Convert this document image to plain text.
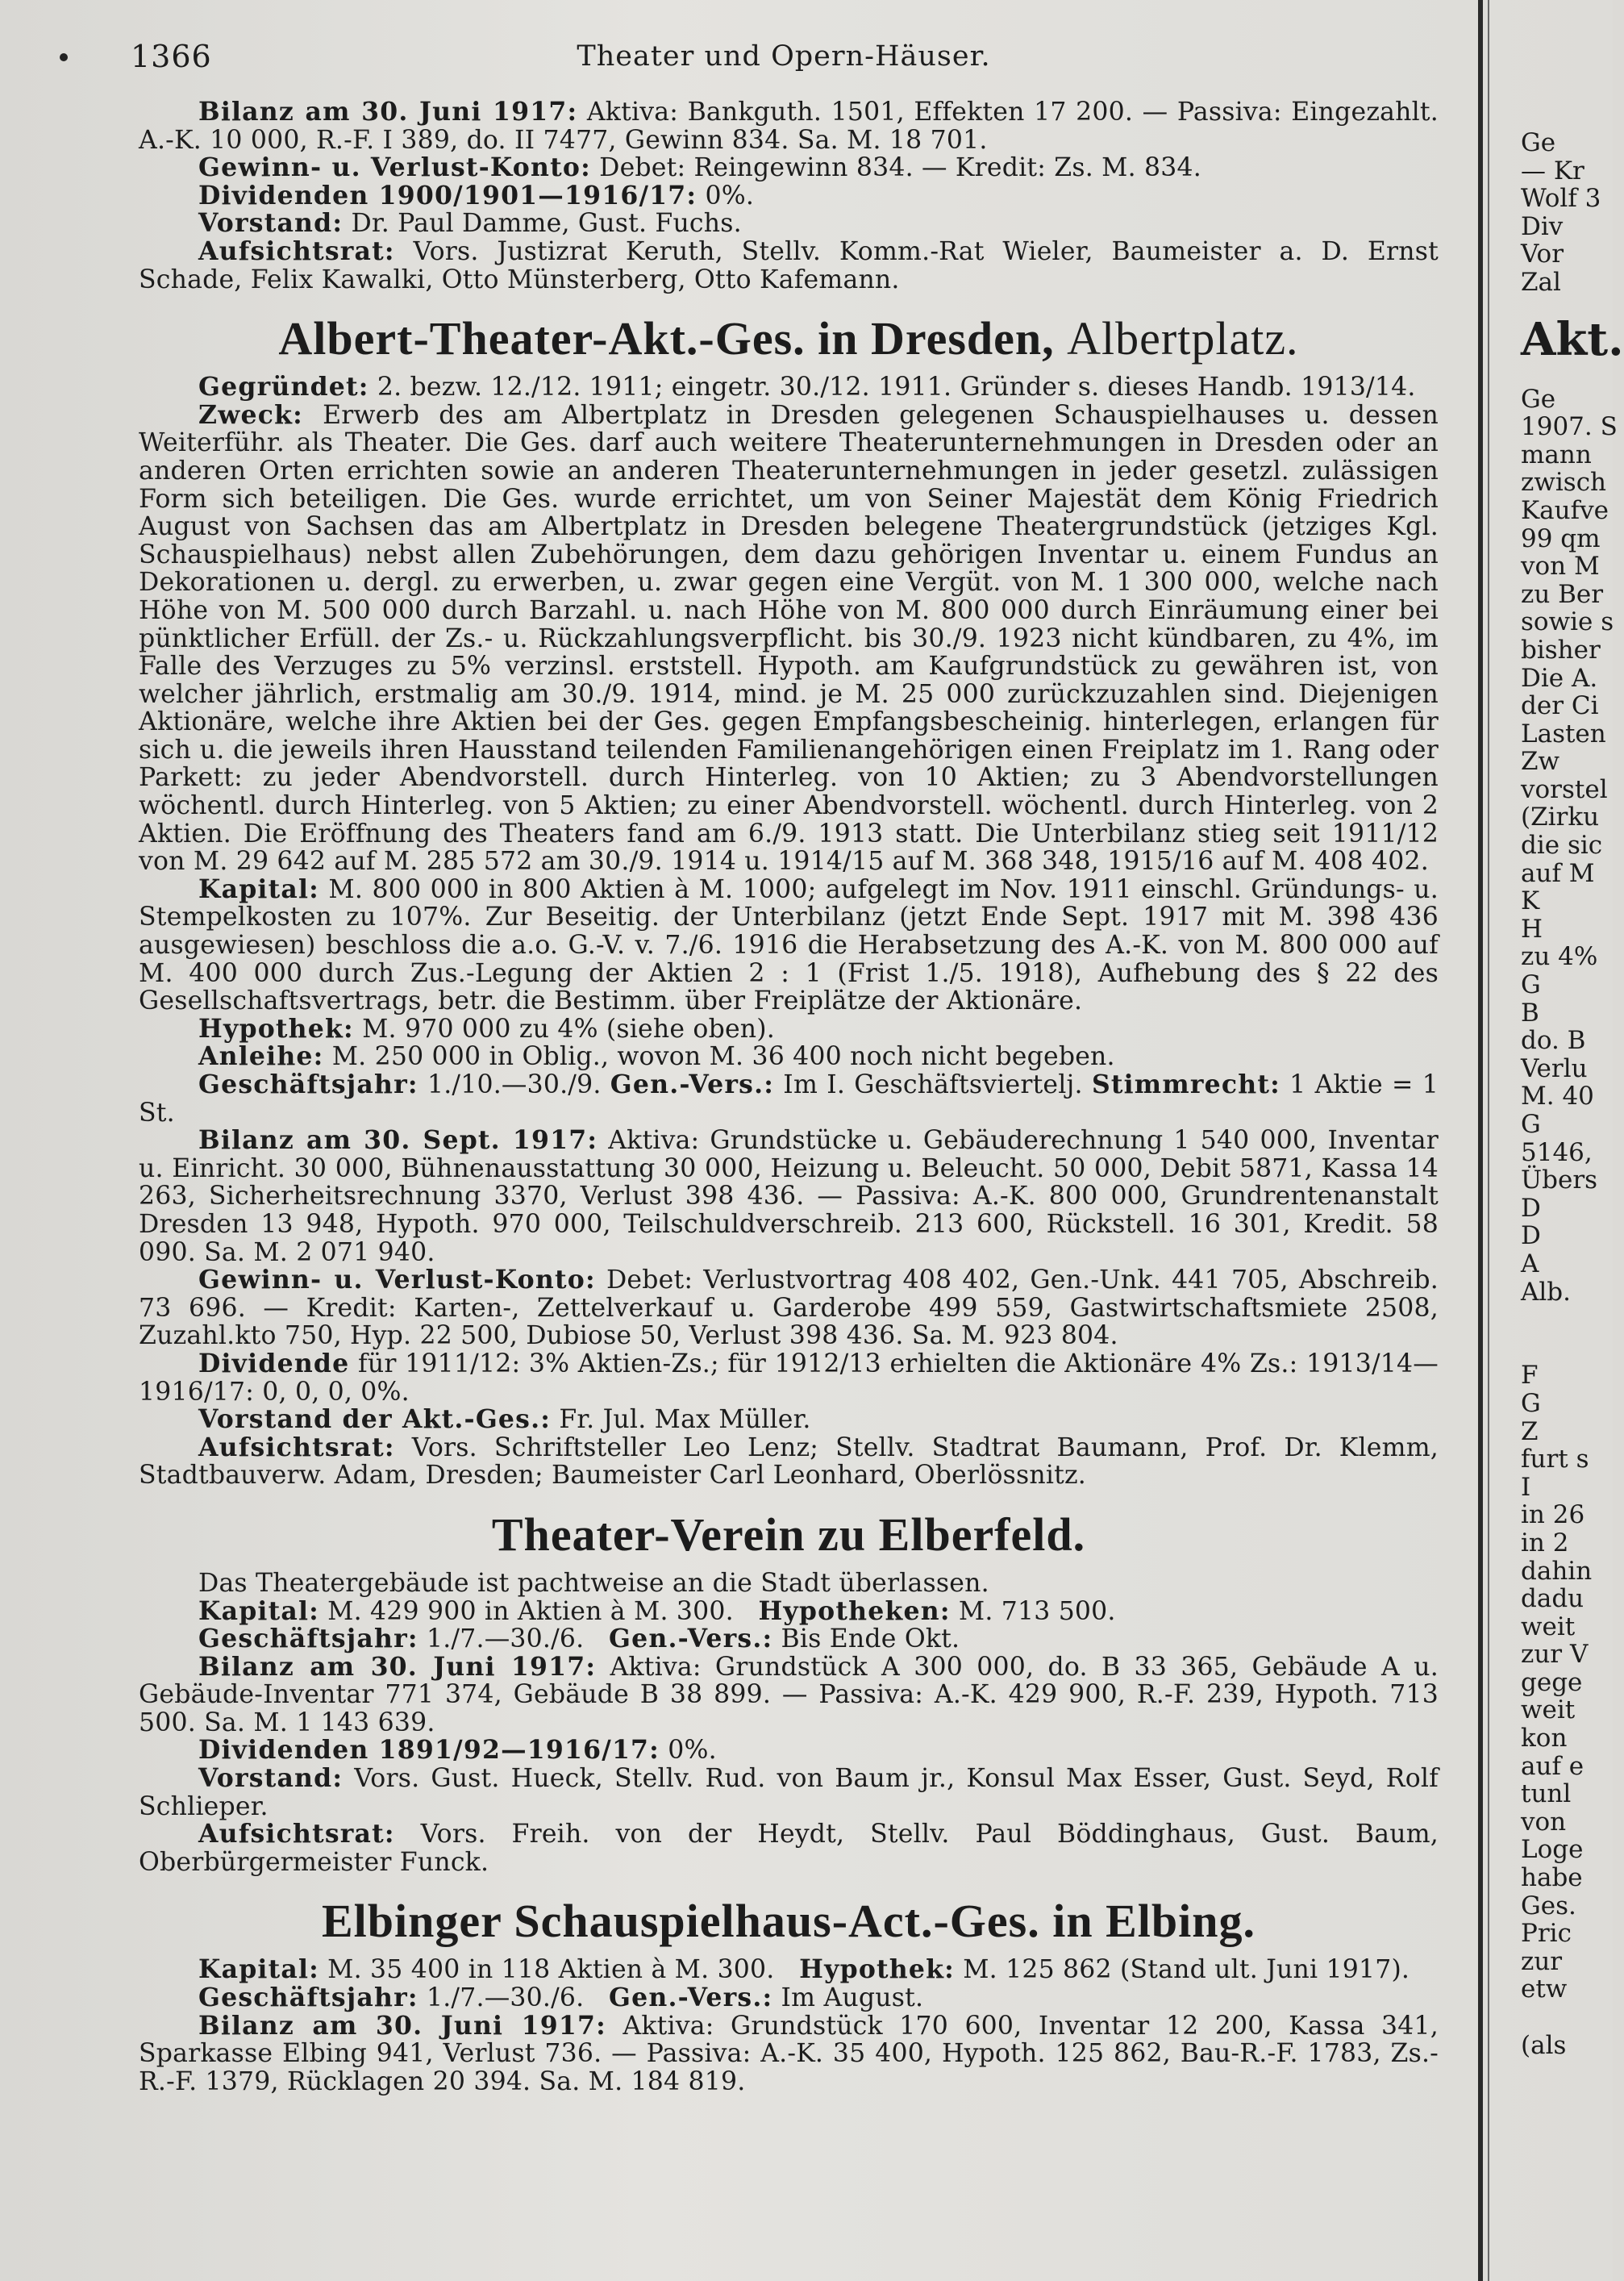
1366	Theater und Opern-Häuser.

Bilanz am 30. Juni 1917: Aktiva: Bankguth. 1501, Effekten 17 200. — Passiva: Eingezahlt. A.-K. 10 000, R.-F. I 389, do. II 7477, Gewinn 834. Sa. M. 18 701.

Gewinn- u. Verlust-Konto: Debet: Reingewinn 834. — Kredit: Zs. M. 834.

Dividenden 1900/1901—1916/17: 0%.

Vorstand: Dr. Paul Damme, Gust. Fuchs.

Aufsichtsrat: Vors. Justizrat Keruth, Stellv. Komm.-Rat Wieler, Baumeister a. D. Ernst Schade, Felix Kawalki, Otto Münsterberg, Otto Kafemann.

Albert-Theater-Akt.-Ges. in Dresden, Albertplatz.

Gegründet: 2. bezw. 12./12. 1911; eingetr. 30./12. 1911. Gründer s. dieses Handb. 1913/14.

Zweck: Erwerb des am Albertplatz in Dresden gelegenen Schauspielhauses u. dessen Weiterführ. als Theater. Die Ges. darf auch weitere Theaterunternehmungen in Dresden oder an anderen Orten errichten sowie an anderen Theaterunternehmungen in jeder gesetzl. zulässigen Form sich beteiligen. Die Ges. wurde errichtet, um von Seiner Majestät dem König Friedrich August von Sachsen das am Albertplatz in Dresden belegene Theatergrundstück (jetziges Kgl. Schauspielhaus) nebst allen Zubehörungen, dem dazu gehörigen Inventar u. einem Fundus an Dekorationen u. dergl. zu erwerben, u. zwar gegen eine Vergüt. von M. 1 300 000, welche nach Höhe von M. 500 000 durch Barzahl. u. nach Höhe von M. 800 000 durch Einräumung einer bei pünktlicher Erfüll. der Zs.- u. Rückzahlungsverpflicht. bis 30./9. 1923 nicht kündbaren, zu 4%, im Falle des Verzuges zu 5% verzinsl. erststell. Hypoth. am Kaufgrundstück zu gewähren ist, von welcher jährlich, erstmalig am 30./9. 1914, mind. je M. 25 000 zurückzuzahlen sind. Diejenigen Aktionäre, welche ihre Aktien bei der Ges. gegen Empfangsbescheinig. hinterlegen, erlangen für sich u. die jeweils ihren Hausstand teilenden Familienangehörigen einen Freiplatz im 1. Rang oder Parkett: zu jeder Abendvorstell. durch Hinterleg. von 10 Aktien; zu 3 Abendvorstellungen wöchentl. durch Hinterleg. von 5 Aktien; zu einer Abendvorstell. wöchentl. durch Hinterleg. von 2 Aktien. Die Eröffnung des Theaters fand am 6./9. 1913 statt. Die Unterbilanz stieg seit 1911/12 von M. 29 642 auf M. 285 572 am 30./9. 1914 u. 1914/15 auf M. 368 348, 1915/16 auf M. 408 402.

Kapital: M. 800 000 in 800 Aktien à M. 1000; aufgelegt im Nov. 1911 einschl. Gründungs- u. Stempelkosten zu 107%. Zur Beseitig. der Unterbilanz (jetzt Ende Sept. 1917 mit M. 398 436 ausgewiesen) beschloss die a.o. G.-V. v. 7./6. 1916 die Herabsetzung des A.-K. von M. 800 000 auf M. 400 000 durch Zus.-Legung der Aktien 2 : 1 (Frist 1./5. 1918), Aufhebung des § 22 des Gesellschaftsvertrags, betr. die Bestimm. über Freiplätze der Aktionäre.

Hypothek: M. 970 000 zu 4% (siehe oben).

Anleihe: M. 250 000 in Oblig., wovon M. 36 400 noch nicht begeben.

Geschäftsjahr: 1./10.—30./9. Gen.-Vers.: Im I. Geschäftsviertelj. Stimmrecht: 1 Aktie = 1 St.

Bilanz am 30. Sept. 1917: Aktiva: Grundstücke u. Gebäuderechnung 1 540 000, Inventar u. Einricht. 30 000, Bühnenausstattung 30 000, Heizung u. Beleucht. 50 000, Debit 5871, Kassa 14 263, Sicherheitsrechnung 3370, Verlust 398 436. — Passiva: A.-K. 800 000, Grundrentenanstalt Dresden 13 948, Hypoth. 970 000, Teilschuldverschreib. 213 600, Rückstell. 16 301, Kredit. 58 090. Sa. M. 2 071 940.

Gewinn- u. Verlust-Konto: Debet: Verlustvortrag 408 402, Gen.-Unk. 441 705, Abschreib. 73 696. — Kredit: Karten-, Zettelverkauf u. Garderobe 499 559, Gastwirtschaftsmiete 2508, Zuzahl.kto 750, Hyp. 22 500, Dubiose 50, Verlust 398 436. Sa. M. 923 804.

Dividende für 1911/12: 3% Aktien-Zs.; für 1912/13 erhielten die Aktionäre 4% Zs.: 1913/14—1916/17: 0, 0, 0, 0%.

Vorstand der Akt.-Ges.: Fr. Jul. Max Müller.

Aufsichtsrat: Vors. Schriftsteller Leo Lenz; Stellv. Stadtrat Baumann, Prof. Dr. Klemm, Stadtbauverw. Adam, Dresden; Baumeister Carl Leonhard, Oberlössnitz.

Theater-Verein zu Elberfeld.

Das Theatergebäude ist pachtweise an die Stadt überlassen.

Kapital: M. 429 900 in Aktien à M. 300. Hypotheken: M. 713 500.

Geschäftsjahr: 1./7.—30./6. Gen.-Vers.: Bis Ende Okt.

Bilanz am 30. Juni 1917: Aktiva: Grundstück A 300 000, do. B 33 365, Gebäude A u. Gebäude-Inventar 771 374, Gebäude B 38 899. — Passiva: A.-K. 429 900, R.-F. 239, Hypoth. 713 500. Sa. M. 1 143 639.

Dividenden 1891/92—1916/17: 0%.

Vorstand: Vors. Gust. Hueck, Stellv. Rud. von Baum jr., Konsul Max Esser, Gust. Seyd, Rolf Schlieper.

Aufsichtsrat: Vors. Freih. von der Heydt, Stellv. Paul Böddinghaus, Gust. Baum, Oberbürgermeister Funck.

Elbinger Schauspielhaus-Act.-Ges. in Elbing.

Kapital: M. 35 400 in 118 Aktien à M. 300. Hypothek: M. 125 862 (Stand ult. Juni 1917).

Geschäftsjahr: 1./7.—30./6. Gen.-Vers.: Im August.

Bilanz am 30. Juni 1917: Aktiva: Grundstück 170 600, Inventar 12 200, Kassa 341, Sparkasse Elbing 941, Verlust 736. — Passiva: A.-K. 35 400, Hypoth. 125 862, Bau-R.-F. 1783, Zs.-R.-F. 1379, Rücklagen 20 394. Sa. M. 184 819.

Ge
— Kr
Wolf 3
Div
Vor
Zal
Akt.
Ge
1907. S
mann
zwisch
Kaufve
99 qm
von M
zu Ber
sowie s
bisher
Die A.
der Ci
Lasten
Zw
vorstel
(Zirku
die sic
auf M
K
H
zu 4%
G
B
do. B
Verlu
M. 40
G
5146,
Übers
D
D
A
Alb.
F
G
Z
furt s
I
in 26
in 2
dahin
dadu
weit
zur V
gege
weit
kon
auf e
tunl
von
Loge
habe
Ges.
Pric
zur
etw
(als
